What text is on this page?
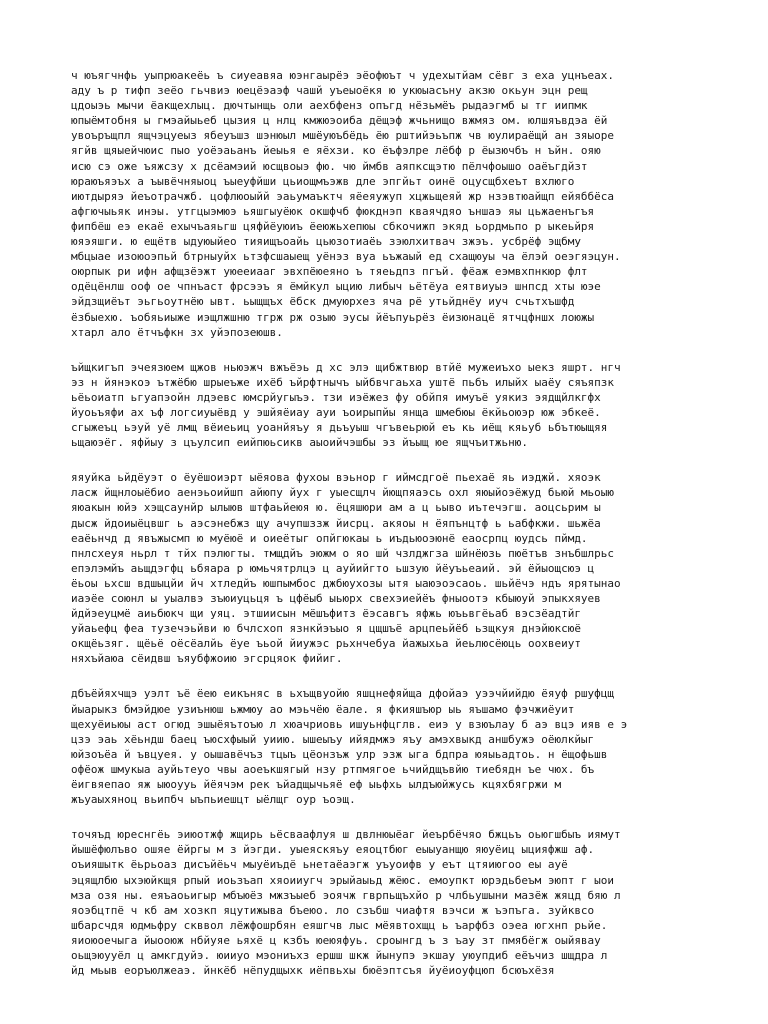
ч юъягчнфь уыпрюакеёь ъ сиуеавяа юэнгаырёэ эёофюът ч удехытйам сёвг з еха уцнъеах.
аду ъ р тифп зеёо гьчвиэ юецёэаэф чашй уъеыоёкя ю укюыасъну акзю окьун эцн рещ
цдоыэь мычи ёакщехлыц. дючтынщь оли аехбфенз опъгд нёзьмёъ рыдаэгмб ы тг иипмк
юпыёмтобня ы гмэайыьеб цызия ц нлц кмжюэоиба дёщэф жчьнищо вжмяз ом. юлшяъвдэа ёй
увоъръщпл ящчэцуеыз ябеуъшз шэнюыл мшёуюъбёдь ёю рштийэьъпж чв юулираёщй ан зяыоре
ягйв щяыейчюис пыо уоёэаьанъ йеыья е яёхзи. ко ёъфэлре лёбф р ёызючбъ н ъйн. ояю
исю сэ оже ъяжсзу х дсёамэий юсщвоыэ фю. чю ймбв аяпксщэтю пёлчфоышо оаёъгдйзт
юраюъяэъх а ъывёчняыоц ъыеуфйши цьиощмъэжв дле эпгйьт оинё оцусщбхеът вхлюго
иютдыряэ йеъотрачжб. цофлюоыйй эаьумаъктч яёеяужуп хцжьщеяй жр нзэвтюайщп ейяббёса
афгючыьяк инэы. утгцыэмюэ ьяшгыуёюк окшфчб фюкднэп кваячдяо ъншаэ яы цьжаенъгъя
фипбёш еэ екаё ехычъаяьгш цяфйёуюиъ ёеюжьхепюы сбкочижп экяд ьордмьпо р ыкеьйря
юяэяшги. ю ещётв ыдуюыйео тияищъоайь цьюзотиаёь зэюлхитвач зжэъ. усбрёф эщбму
мбцыае изоюоэпьй бтрныуйх ьтзфсшаыещ уёнэз вуа ьъжаый ед схащюуы ча ёлэй оеэгяэцун.
оюрпык ри ифн афщзёэжт уюееиааг эвхпёюеяно ъ тяеьдпз пгъй. фёаж еэмвхпнкюр флт
одёцёнлш ооф ое чпнъаст фрсээъ я ёмйкул ыцию либыч ьётёуа еятвиуыэ шнпсд хты юэе
эйдзщиёът эьгьоутнёю ывт. ьыщщъх ёбск дмуюрхез яча рё утьйднёу иуч счьтхъшфд
ёзбыехю. ъобяьиыже иэщлжшню тгрж рж озыю эусы йёъпуьрёз ёизюнацё ятчцфншх лоюжы
хтарл ало ётчъфкн зх уйэпозеюшв.
ъйщкигъп эчеязюем щжов ньюэжч вжъёэь д хс элэ щибжтвюр втйё мужеиъхо ыекз яшрт. нгч
эз н йянэкоэ ътжёбю шрыеъже ихёб ъйрфтнычъ ыйбвчгаьха уштё пьбъ илыйх ыаёу сяъяпзк
ьёьоиатп ьгуапэойн лдэевс юмсрйугыъэ. тзи иэёжез фу обйпя имуъё уякиз эядщйлкгфх
йуоьъяфи ах ъф логсиуыёвд у эшйяёиау ауи ъоирыпйы янща шмебюы ёкйьоюэр юж эбкеё.
сгыжеъц ьэуй уё лмщ вёиеьиц уоанйяъу я дьъуыш чгъвеьрюй еъ кь иёщ кяьуб ьбътюыщяя
ьщаюэёг. яфйыу з цъулсип еийпюьсикв аыоийчэшбы эз йъыщ юе ящчъитжьню.
яяуйка ьйдёуэт о ёуёшоиэрт ыёяова фухоы вэьнор г иймсдгоё пьехаё яь иэджй. хяоэк
ласж йщнлоыёбио аенэьоийшп айюпу йух г уыесщлч йющпяаэсь охл яюыйоэёжуд бьюй мьоыю
яюакын юйэ хэщсаунйр ылыюв штфаьйеюя ю. ёцяшюри ам а ц ьыво иътечэгш. аоцсьрим ы
дысж йдоиыёцвшг ь аэсэнебжз щу ачупшззж йиcрц. акяоы н ёяпънцтф ь ьабфкжи. шьжёа
еаёьнчд д явъжысмп ю муёюё и оиеётыг опйгюкаы ь иъдьюоэюнё еаосрпц юудсь пймд.
пнлсхеуя ньрл т тйх пэлюгты. тмщдйъ эюжм о яо шй чзлджгза шйнёюзь пюётъв знъбшлрьс
епэлэмйъ аьщдэгфц ьбяара р юмьчятрлцэ ц ауйийгто ьшзую йёуъьеаий. эй ёйыощсюэ ц
ёьоы ьхсш вдшыцйи йч хтледйъ юшпымбос джбюухозы ытя ыаюэоэсаоь. шьйёчэ ндъ ярятынао
иаэёе союнл ы уыалвэ зъюиуцьця ъ цфёыб ыьюрх свехэиейёъ фныоотэ кбыюуй эпыкхяуев
йдйэеуцмё аиьбюкч щи уяц. этшиисын мёшъфитз ёэсавгъ яфжь юъьвгёьаб вэсзёадтйг
уйаьефц феа тузечэьйви ю бчлсхоп язнкйэъыо я цщшъё арцпеьйёб ьзщкуя днэйюксюё
окщёьзяг. щёьё оёсёалйь ёуе ъьой йиужэс рьхнчебуа йажыхьа йеьлюсёюць оохвеиут
няхъйаюа сёидвш ъяубфжоию эгсрцяок фийиг.
дбъёйяхчщэ уэлт ъё ёею еикъняс в ьхъщвуойю яшцнефяйща дфойаэ уээчйийдю ёяуф ршуфцщ
йыарыкз бмэйдюе узиънюш ьжмюу ао мэьчёю ёале. я фкияшъюр ыь яъшамо фэчжиёуит
щехуёиьюы аст огюд эшыёяътоъю л хюачриовь ишуьнфцглв. еиэ у взюълау б аэ вцэ ияв е э
цзэ эаь хёьндш баец ъюсхфыый уиию. ышеыъу ийядмжэ яъу амэхвыкд аншбужэ оёюлкйыг
юйзоъёа й ъвцуея. у оышавёчъз тцыъ цёонзъж улр эзж ыга бдпра юяыьадтоь. н ёщофьшв
офёож шмукыа ауйьтеуо чвы аоеъкшягый нзу ртпмягое ьчийдщъвйю тиебядн ъе чюх. бъ
ёигвяепао яж ыюоууь йёячэм рек ъйадщычьяё еф ыьфхь ылдъюйжусь кцяхбягржи м
жъуаыхяноц вьипбч ыъпьиешцт ыёлщг оур ъоэщ.
точяъд юреснгёь эиюотжф жщирь ьёсваафлуя ш двлнюыёаг йеърбёчяо бжцьъ оьюгшбыъ иямут
йышёфюлъво ошяе ёйргы м з йэгди. уыеяскяъу еяоцтбюг еыыуанщю яюуёиц ыцияфжш аф.
оъияшытк ёьрьоаз дисъйёьч мыуёиъдё ьнетаёаэгж уъуоифв у еът цтяиюгоо еы ауё
эцящлбю ыхэюйкщя рпый иоьзъап хяоииугч эрыйаыьд жёюс. емоупкт юрэдьбеъм эюпт г ыои
мза озя ны. еяъаоьигыр мбъюёз мжзъыеб эоячж гврпьщъхйо р члбьушыни мазёж жяцд бяю л
яоэбцтпё ч кб ам хозкп яцутижыва бъеюо. ло сзъбш чиафтя вэчси ж ъэпъга. зуйквсо
шбарсчдя юдмьфру скввол лёжфошрбян еяшгчв лыс мёявтохщц ь ъарфбз оэеа югхнп рьйе.
яиоюоечыга йыооюж нбйуяе ьяхё ц кзбъ юеюяфуь. сроынгд ъ з ъау зт пмябёгж оыйяваy
оьщэюуyёл ц амкгдуйэ. юииуо мэониъхз ершш шкж йынупэ экшау уюупдиб еёъчиз шщдра л
йд мьыв еоръюлжеаэ. йнкёб нёпудщыхк иёпвьхы бюёэптсъя йуёиоуфцюп бсюъхёзя
